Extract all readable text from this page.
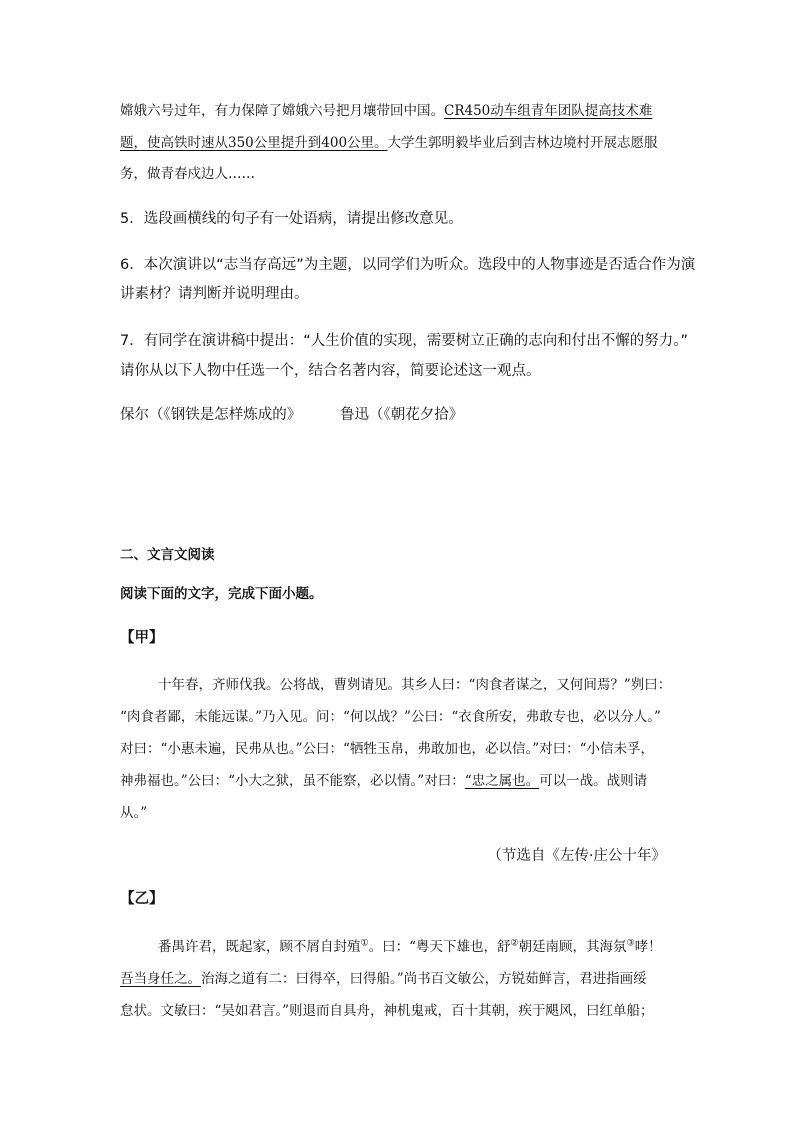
嫦娥六号过年，有力保障了嫦娥六号把月壤带回中国。CR450动车组青年团队提高技术难
题，使高铁时速从350公里提升到400公里。大学生郭明毅毕业后到吉林边境村开展志愿服
务，做青春戍边人……
5．选段画横线的句子有一处语病，请提出修改意见。
6．本次演讲以“志当存高远”为主题，以同学们为听众。选段中的人物事迹是否适合作为演
讲素材？请判断并说明理由。
7．有同学在演讲稿中提出：“人生价值的实现，需要树立正确的志向和付出不懈的努力。”
请你从以下人物中任选一个，结合名著内容，简要论述这一观点。
保尔（《钢铁是怎样炼成的》	鲁迅（《朝花夕拾》
二、文言文阅读
阅读下面的文字，完成下面小题。
【甲】
十年春，齐师伐我。公将战，曹刿请见。其乡人曰：“肉食者谋之，又何间焉？”刿曰：
“肉食者鄙，未能远谋。”乃入见。问：“何以战？”公曰：“衣食所安，弗敢专也，必以分人。”
对曰：“小惠未遍，民弗从也。”公曰：“牺牲玉帛，弗敢加也，必以信。”对曰：“小信未孚，
神弗福也。”公曰：“小大之狱，虽不能察，必以情。”对曰：“忠之属也。可以一战。战则请
从。”
（节选自《左传·庄公十年》
【乙】
番禺许君，既起家，顾不屑自封殖①。曰：“粤天下雄也，舒②朝廷南顾，其海氛③哮！
吾当身任之。治海之道有二：曰得卒，曰得船。”尚书百文敏公，方锐茹鲜言，君进指画绥
怠状。文敏曰：“吴如君言。”则退而自具舟，神机鬼戒，百十其朝，疾于飓风，曰红单船；
